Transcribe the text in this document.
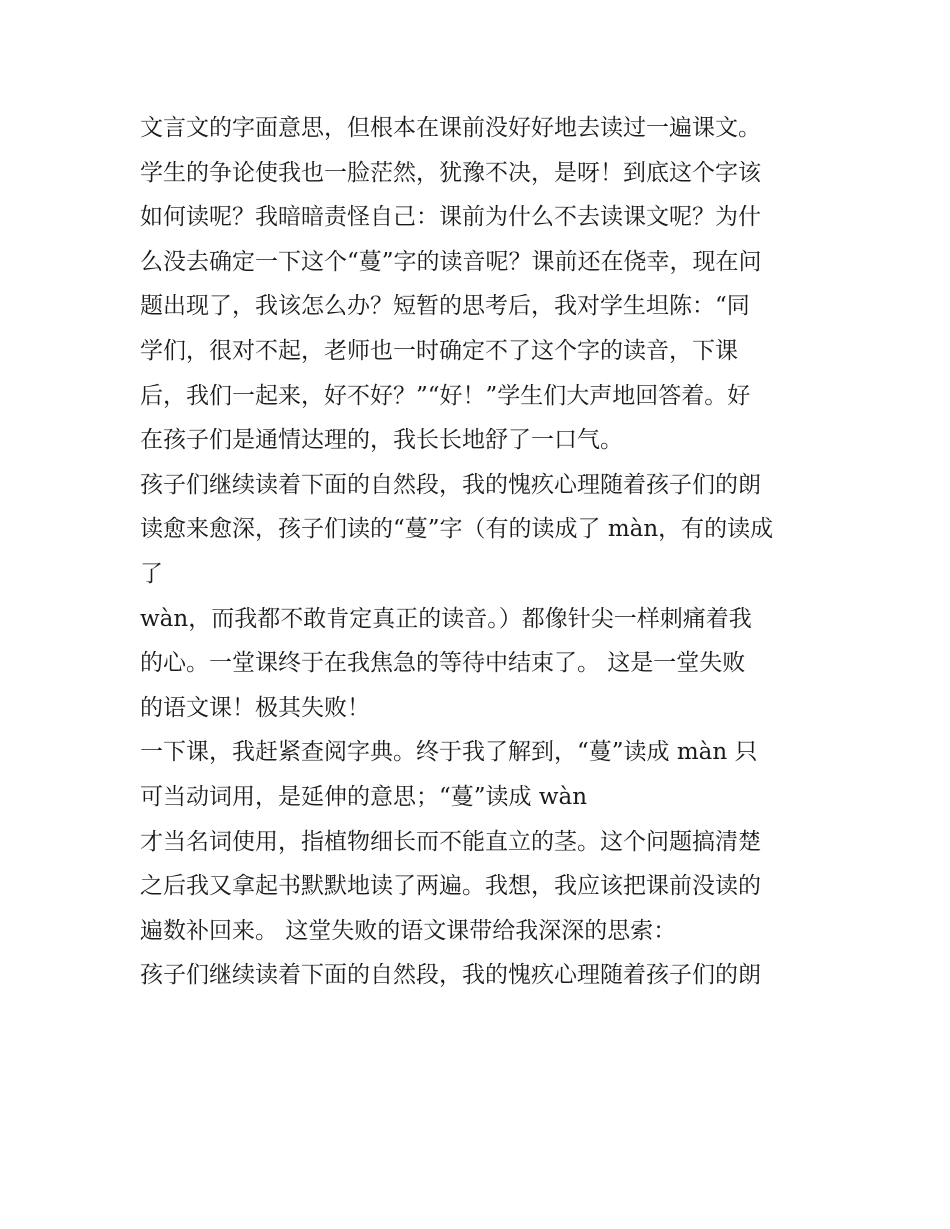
文言文的字面意思，但根本在课前没好好地去读过一遍课文。
学生的争论使我也一脸茫然，犹豫不决，是呀！到底这个字该
如何读呢？我暗暗责怪自己：课前为什么不去读课文呢？为什
么没去确定一下这个“蔓”字的读音呢？课前还在侥幸，现在问
题出现了，我该怎么办？短暂的思考后，我对学生坦陈：“同
学们，很对不起，老师也一时确定不了这个字的读音，下课
后，我们一起来，好不好？”“好！”学生们大声地回答着。好
在孩子们是通情达理的，我长长地舒了一口气。
孩子们继续读着下面的自然段，我的愧疚心理随着孩子们的朗
读愈来愈深，孩子们读的“蔓”字（有的读成了 màn，有的读成
了
wàn，而我都不敢肯定真正的读音。）都像针尖一样刺痛着我
的心。一堂课终于在我焦急的等待中结束了。 这是一堂失败
的语文课！极其失败！
一下课，我赶紧查阅字典。终于我了解到，“蔓”读成 màn 只
可当动词用，是延伸的意思；“蔓”读成 wàn
才当名词使用，指植物细长而不能直立的茎。这个问题搞清楚
之后我又拿起书默默地读了两遍。我想，我应该把课前没读的
遍数补回来。 这堂失败的语文课带给我深深的思索：
孩子们继续读着下面的自然段，我的愧疚心理随着孩子们的朗
